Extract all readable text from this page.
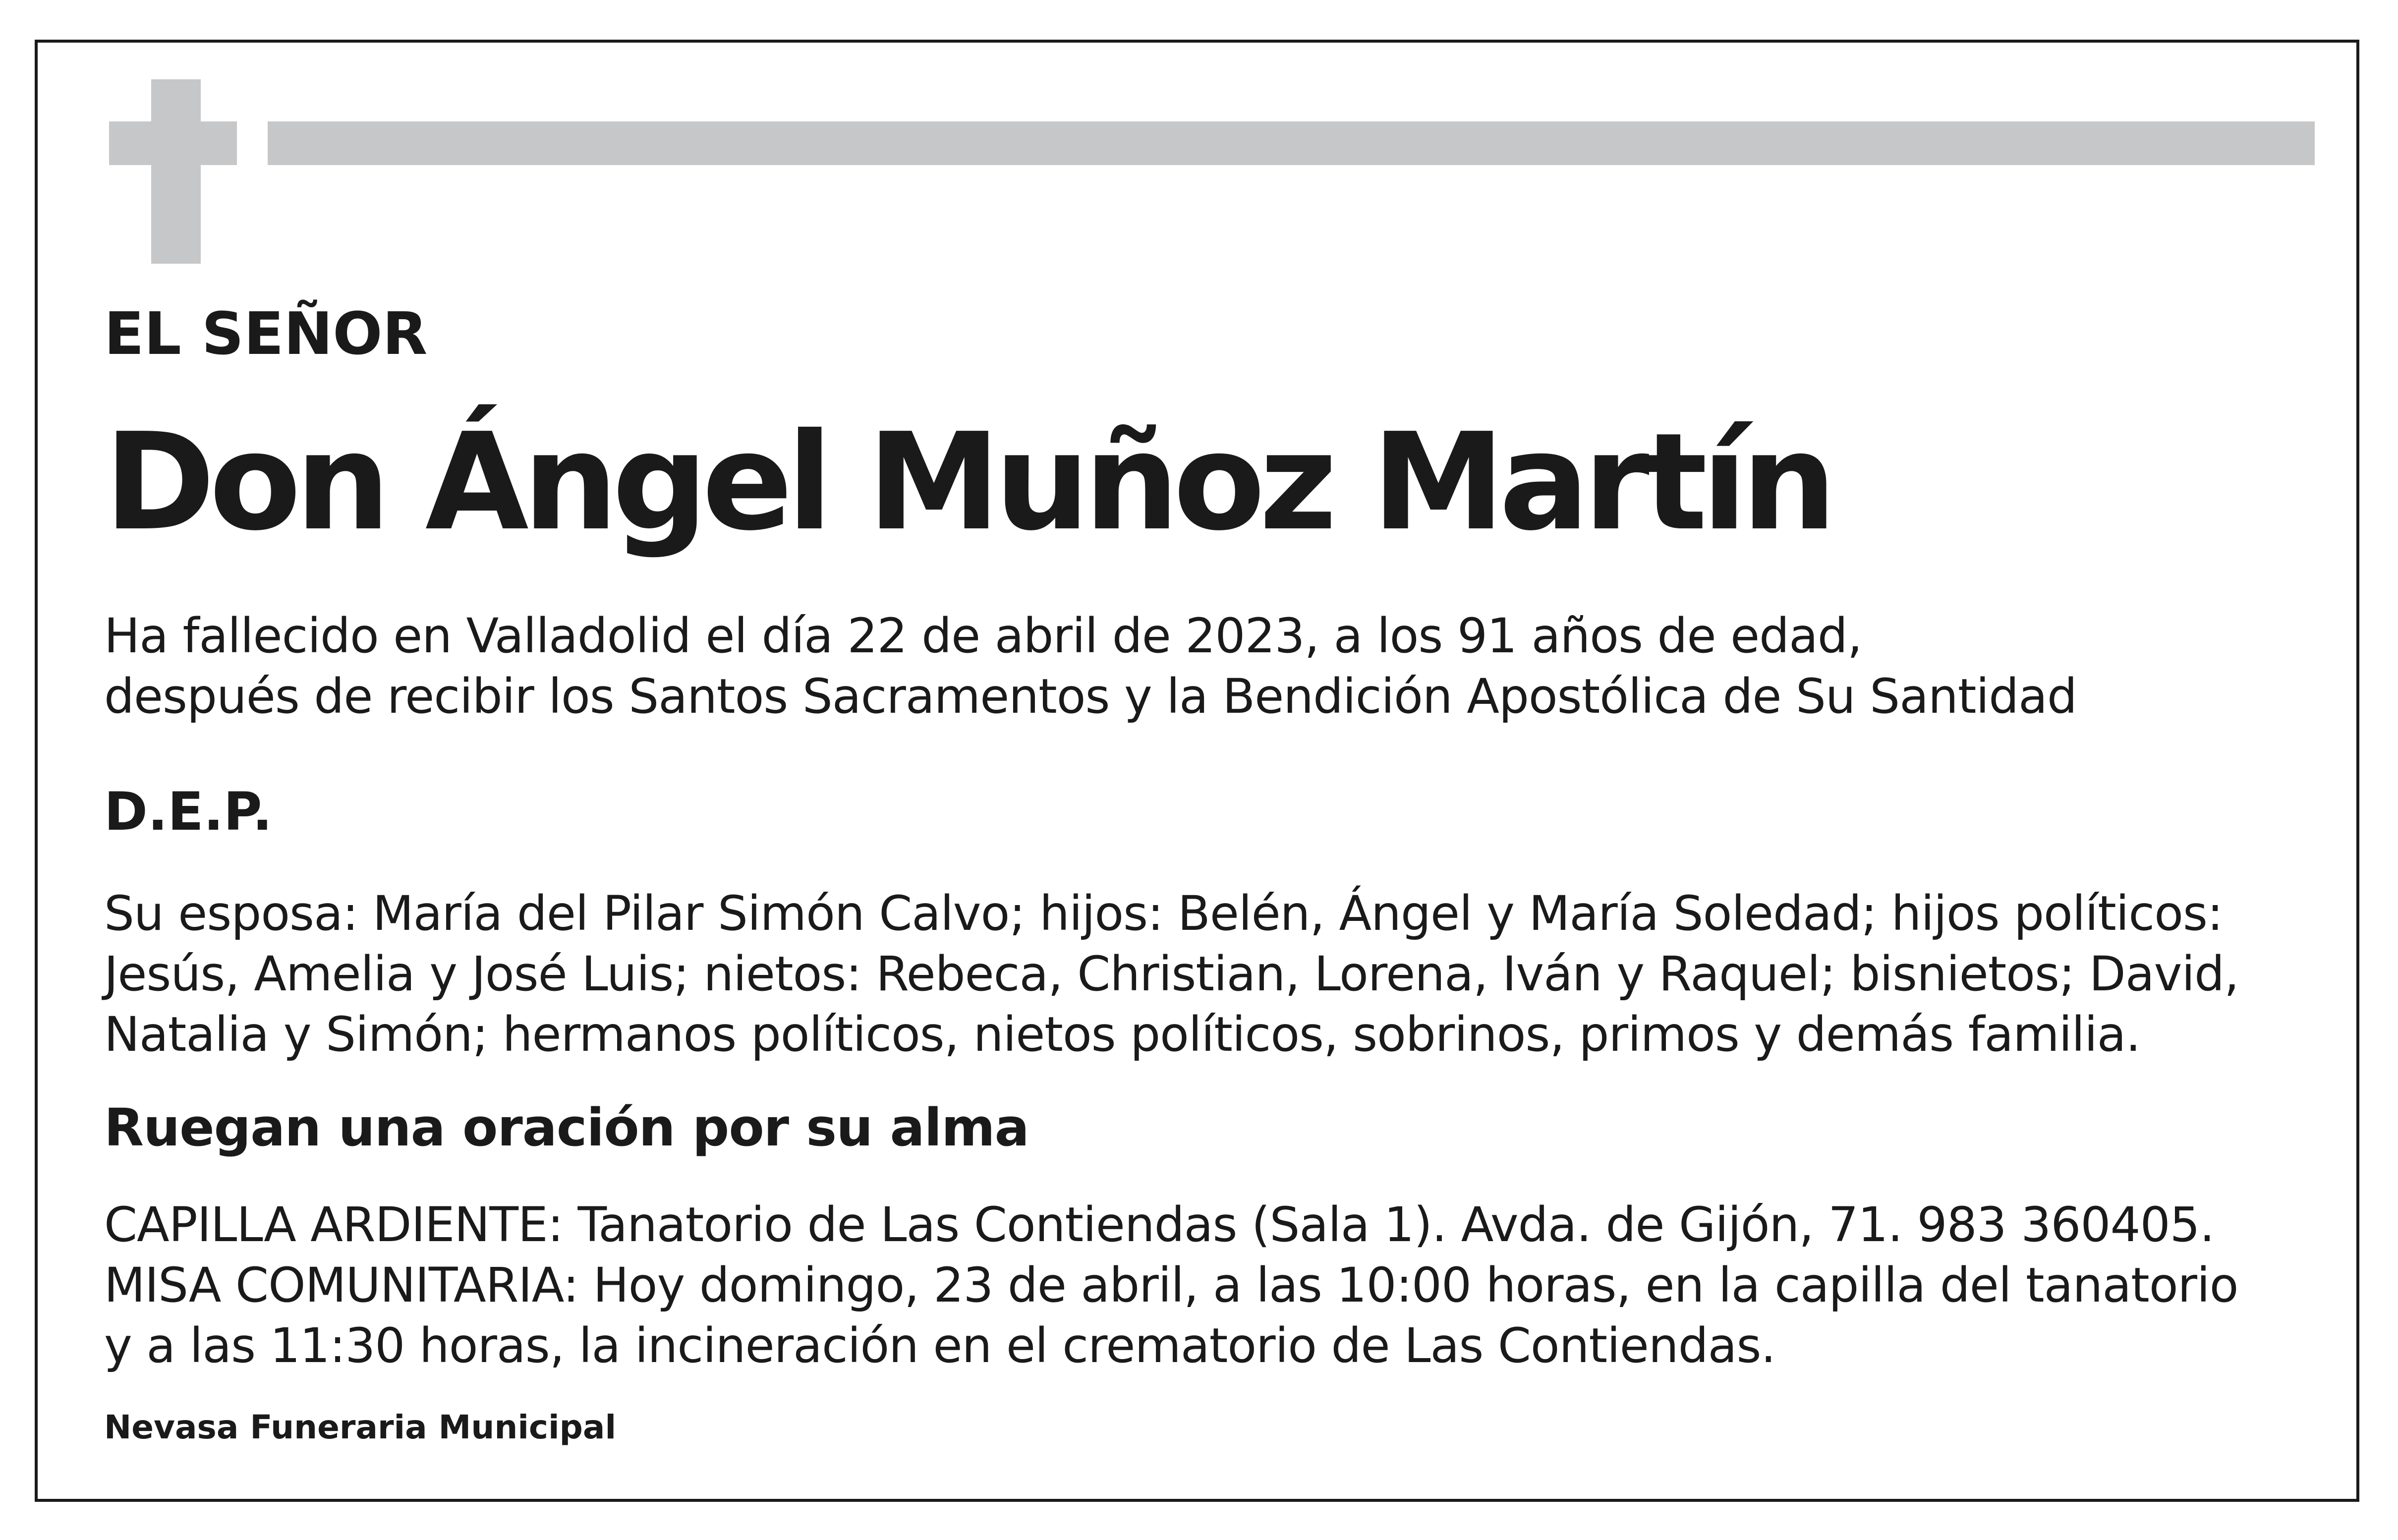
EL SEÑOR

Don Ángel Muñoz Martín

Ha fallecido en Valladolid el día 22 de abril de 2023, a los 91 años de edad,
después de recibir los Santos Sacramentos y la Bendición Apostólica de Su Santidad

D.E.P.

Su esposa: María del Pilar Simón Calvo; hijos: Belén, Ángel y María Soledad; hijos políticos:
Jesús, Amelia y José Luis; nietos: Rebeca, Christian, Lorena, Iván y Raquel; bisnietos; David,
Natalia y Simón; hermanos políticos, nietos políticos, sobrinos, primos y demás familia.

Ruegan una oración por su alma

CAPILLA ARDIENTE: Tanatorio de Las Contiendas (Sala 1). Avda. de Gijón, 71. 983 360405.
MISA COMUNITARIA: Hoy domingo, 23 de abril, a las 10:00 horas, en la capilla del tanatorio
y a las 11:30 horas, la incineración en el crematorio de Las Contiendas.

Nevasa Funeraria Municipal
